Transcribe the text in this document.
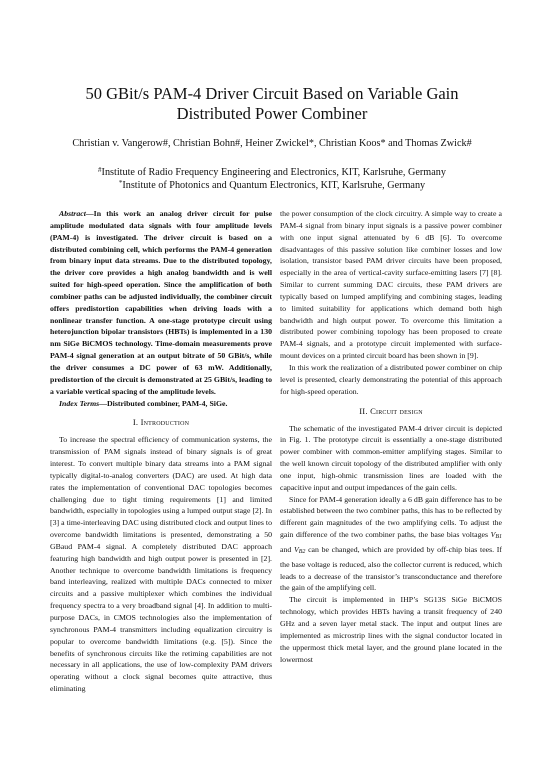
50 GBit/s PAM-4 Driver Circuit Based on Variable Gain
Distributed Power Combiner
Christian v. Vangerow#, Christian Bohn#, Heiner Zwickel*, Christian Koos* and Thomas Zwick#
#Institute of Radio Frequency Engineering and Electronics, KIT, Karlsruhe, Germany
*Institute of Photonics and Quantum Electronics, KIT, Karlsruhe, Germany

Abstract—In this work an analog driver circuit for pulse amplitude modulated data signals with four amplitude levels (PAM-4) is investigated. The driver circuit is based on a distributed combining cell, which performs the PAM-4 generation from binary input data streams. Due to the distributed topology, the driver core provides a high analog bandwidth and is well suited for high-speed operation. Since the amplification of both combiner paths can be adjusted individually, the combiner circuit offers predistortion capabilities when driving loads with a nonlinear transfer function. A one-stage prototype circuit using heterojunction bipolar transistors (HBTs) is implemented in a 130 nm SiGe BiCMOS technology. Time-domain measurements prove PAM-4 signal generation at an output bitrate of 50 GBit/s, while the driver consumes a DC power of 63 mW. Additionally, predistortion of the circuit is demonstrated at 25 GBit/s, leading to a variable vertical spacing of the amplitude levels.

Index Terms—Distributed combiner, PAM-4, SiGe.

I. Introduction

To increase the spectral efficiency of communication systems, the transmission of PAM signals instead of binary signals is of great interest. To convert multiple binary data streams into a PAM signal typically digital-to-analog converters (DAC) are used. At high data rates the implementation of conventional DAC topologies becomes challenging due to tight timing requirements [1] and limited bandwidth, especially in topologies using a lumped output stage [2]. In [3] a time-interleaving DAC using distributed clock and output lines to overcome bandwidth limitations is presented, demonstrating a 50 GBaud PAM-4 signal. A completely distributed DAC approach featuring high bandwidth and high output power is presented in [2]. Another technique to overcome bandwidth limitations is frequency band interleaving, realized with multiple DACs connected to mixer circuits and a passive multiplexer which combines the individual frequency spectra to a very broadband signal [4]. In addition to multi-purpose DACs, in CMOS technologies also the implementation of synchronous PAM-4 transmitters including equalization circuitry is popular to overcome bandwidth limitations (e.g. [5]). Since the benefits of synchronous circuits like the retiming capabilities are not necessary in all applications, the use of low-complexity PAM drivers operating without a clock signal becomes quite attractive, thus eliminating

the power consumption of the clock circuitry. A simple way to create a PAM-4 signal from binary input signals is a passive power combiner with one input signal attenuated by 6 dB [6]. To overcome disadvantages of this passive solution like combiner losses and low isolation, transistor based PAM driver circuits have been proposed, especially in the area of vertical-cavity surface-emitting lasers [7] [8]. Similar to current summing DAC circuits, these PAM drivers are typically based on lumped amplifying and combining stages, leading to limited suitability for applications which demand both high bandwidth and high output power. To overcome this limitation a distributed power combining topology has been proposed to create PAM-4 signals, and a prototype circuit implemented with surface-mount devices on a printed circuit board has been shown in [9].

In this work the realization of a distributed power combiner on chip level is presented, clearly demonstrating the potential of this approach for high-speed operation.

II. Circuit design

The schematic of the investigated PAM-4 driver circuit is depicted in Fig. 1. The prototype circuit is essentially a one-stage distributed power combiner with common-emitter amplifying stages. Similar to the well known circuit topology of the distributed amplifier with only one input, high-ohmic transmission lines are loaded with the capacitive input and output impedances of the gain cells.

Since for PAM-4 generation ideally a 6 dB gain difference has to be established between the two combiner paths, this has to be reflected by different gain magnitudes of the two amplifying cells. To adjust the gain difference of the two combiner paths, the base bias voltages VB1 and VB2 can be changed, which are provided by off-chip bias tees. If the base voltage is reduced, also the collector current is reduced, which leads to a decrease of the transistor’s transconductance and therefore the gain of the amplifying cell.

The circuit is implemented in IHP’s SG13S SiGe BiCMOS technology, which provides HBTs having a transit frequency of 240 GHz and a seven layer metal stack. The input and output lines are implemented as microstrip lines with the signal conductor located in the uppermost thick metal layer, and the ground plane located in the lowermost
